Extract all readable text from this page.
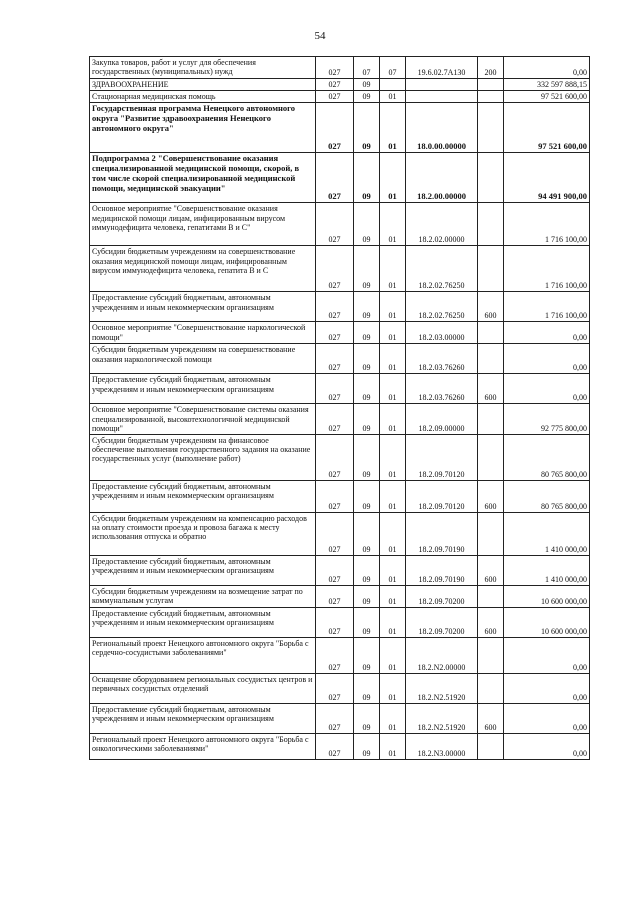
54
Закупка товаров, работ и услуг для обеспечения государственных (муниципальных) нужд	027	07	07	19.6.02.7А130	200	0,00
ЗДРАВООХРАНЕНИЕ	027	09				332 597 888,15
Стационарная медицинская помощь	027	09	01			97 521 600,00
Государственная программа Ненецкого автономного округа "Развитие здравоохранения Ненецкого автономного округа"	027	09	01	18.0.00.00000		97 521 600,00
Подпрограмма 2 "Совершенствование оказания специализированной медицинской помощи, скорой, в том числе скорой специализированной медицинской помощи, медицинской эвакуации"	027	09	01	18.2.00.00000		94 491 900,00
Основное мероприятие "Совершенствование оказания медицинской помощи лицам, инфицированным вирусом иммунодефицита человека, гепатитами В и С"	027	09	01	18.2.02.00000		1 716 100,00
Субсидии бюджетным учреждениям на совершенствование оказания медицинской помощи лицам, инфицированным вирусом иммунодефицита человека, гепатита В и С	027	09	01	18.2.02.76250		1 716 100,00
Предоставление субсидий бюджетным, автономным учреждениям и иным некоммерческим организациям	027	09	01	18.2.02.76250	600	1 716 100,00
Основное мероприятие "Совершенствование наркологической помощи"	027	09	01	18.2.03.00000		0,00
Субсидии бюджетным учреждениям на совершенствование оказания наркологической помощи	027	09	01	18.2.03.76260		0,00
Предоставление субсидий бюджетным, автономным учреждениям и иным некоммерческим организациям	027	09	01	18.2.03.76260	600	0,00
Основное мероприятие "Совершенствование системы оказания специализированной, высокотехнологичной медицинской помощи"	027	09	01	18.2.09.00000		92 775 800,00
Субсидии бюджетным учреждениям на финансовое обеспечение выполнения государственного задания на оказание государственных услуг (выполнение работ)	027	09	01	18.2.09.70120		80 765 800,00
Предоставление субсидий бюджетным, автономным учреждениям и иным некоммерческим организациям	027	09	01	18.2.09.70120	600	80 765 800,00
Субсидии бюджетным учреждениям на компенсацию расходов на оплату стоимости проезда и провоза багажа к месту использования отпуска и обратно	027	09	01	18.2.09.70190		1 410 000,00
Предоставление субсидий бюджетным, автономным учреждениям и иным некоммерческим организациям	027	09	01	18.2.09.70190	600	1 410 000,00
Субсидии бюджетным учреждениям на возмещение затрат по коммунальным услугам	027	09	01	18.2.09.70200		10 600 000,00
Предоставление субсидий бюджетным, автономным учреждениям и иным некоммерческим организациям	027	09	01	18.2.09.70200	600	10 600 000,00
Региональный проект Ненецкого автономного округа "Борьба с сердечно-сосудистыми заболеваниями"	027	09	01	18.2.N2.00000		0,00
Оснащение оборудованием региональных сосудистых центров и первичных сосудистых отделений	027	09	01	18.2.N2.51920		0,00
Предоставление субсидий бюджетным, автономным учреждениям и иным некоммерческим организациям	027	09	01	18.2.N2.51920	600	0,00
Региональный проект Ненецкого автономного округа "Борьба с онкологическими заболеваниями"	027	09	01	18.2.N3.00000		0,00
